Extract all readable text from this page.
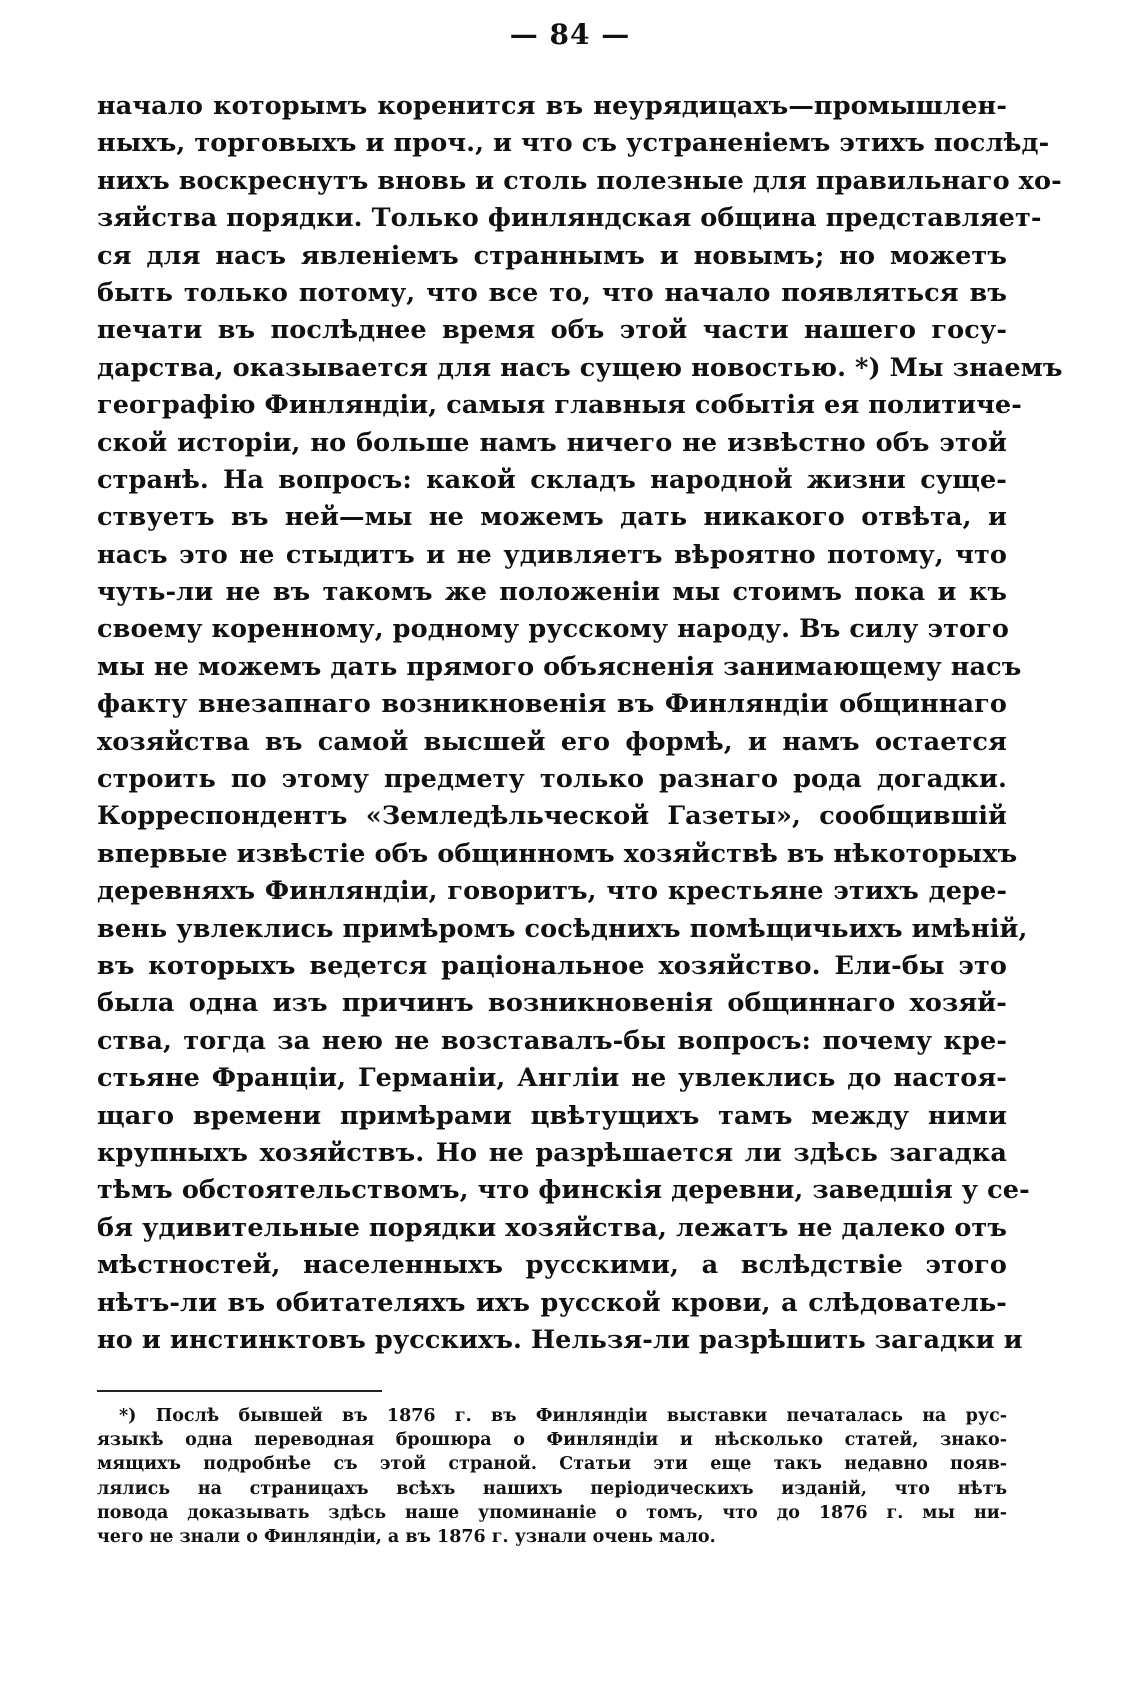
— 84 —
начало которымъ коренится въ неурядицахъ—промышлен-
ныхъ, торговыхъ и проч., и что съ устраненіемъ этихъ послѣд-
нихъ воскреснутъ вновь и столь полезные для правильнаго хо-
зяйства порядки. Только финляндская община представляет-
ся для насъ явленіемъ страннымъ и новымъ; но можетъ
быть только потому, что все то, что начало появляться въ
печати въ послѣднее время объ этой части нашего госу-
дарства, оказывается для насъ сущею новостью. *) Мы знаемъ
географію Финляндіи, самыя главныя событія ея политиче-
ской исторіи, но больше намъ ничего не извѣстно объ этой
странѣ. На вопросъ: какой складъ народной жизни суще-
ствуетъ въ ней—мы не можемъ дать никакого отвѣта, и
насъ это не стыдитъ и не удивляетъ вѣроятно потому, что
чуть-ли не въ такомъ же положеніи мы стоимъ пока и къ
своему коренному, родному русскому народу. Въ силу этого
мы не можемъ дать прямого объясненія занимающему насъ
факту внезапнаго возникновенія въ Финляндіи общиннаго
хозяйства въ самой высшей его формѣ, и намъ остается
строить по этому предмету только разнаго рода догадки.
Корреспондентъ «Земледѣльческой Газеты», сообщившій
впервые извѣстіе объ общинномъ хозяйствѣ въ нѣкоторыхъ
деревняхъ Финляндіи, говоритъ, что крестьяне этихъ дере-
вень увлеклись примѣромъ сосѣднихъ помѣщичьихъ имѣній,
въ которыхъ ведется раціональное хозяйство. Ели-бы это
была одна изъ причинъ возникновенія общиннаго хозяй-
ства, тогда за нею не возставалъ-бы вопросъ: почему кре-
стьяне Франціи, Германіи, Англіи не увлеклись до настоя-
щаго времени примѣрами цвѣтущихъ тамъ между ними
крупныхъ хозяйствъ. Но не разрѣшается ли здѣсь загадка
тѣмъ обстоятельствомъ, что финскія деревни, заведшія у се-
бя удивительные порядки хозяйства, лежатъ не далеко отъ
мѣстностей, населенныхъ русскими, а вслѣдствіе этого
нѣтъ-ли въ обитателяхъ ихъ русской крови, а слѣдователь-
но и инстинктовъ русскихъ. Нельзя-ли разрѣшить загадки и
*) Послѣ бывшей въ 1876 г. въ Финляндіи выставки печаталась на рус-
языкѣ одна переводная брошюра о Финляндіи и нѣсколько статей, знако-
мящихъ подробнѣе съ этой страной. Статьи эти еще такъ недавно появ-
лялись на страницахъ всѣхъ нашихъ періодическихъ изданій, что нѣтъ
повода доказывать здѣсь наше упоминаніе о томъ, что до 1876 г. мы ни-
чего не знали о Финляндіи, а въ 1876 г. узнали очень мало.
